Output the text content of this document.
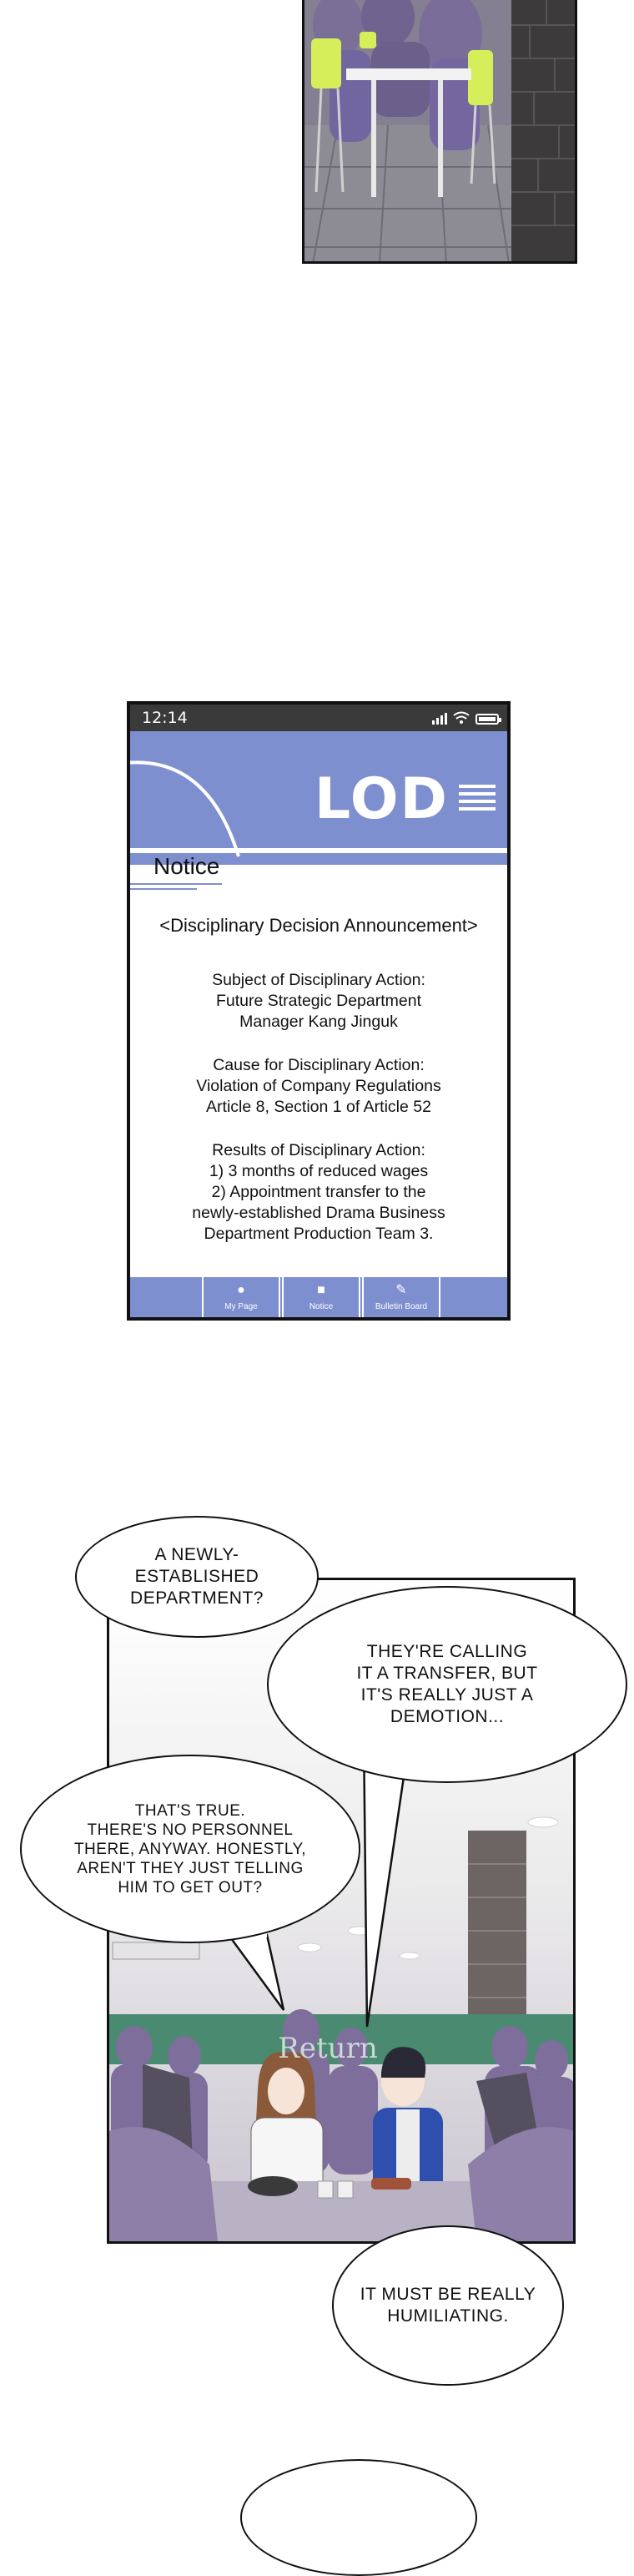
12:14
LOD
Notice
<Disciplinary Decision Announcement>
Subject of Disciplinary Action:
Future Strategic Department
Manager Kang Jinguk
Cause for Disciplinary Action:
Violation of Company Regulations
Article 8, Section 1 of Article 52
Results of Disciplinary Action:
1) 3 months of reduced wages
2) Appointment transfer to the
newly-established Drama Business
Department Production Team 3.
●
My Page
■
Notice
✎
Bulletin Board
Return
A NEWLY-
ESTABLISHED
DEPARTMENT?
THEY'RE CALLING
IT A TRANSFER, BUT
IT'S REALLY JUST A
DEMOTION...
THAT'S TRUE.
THERE'S NO PERSONNEL
THERE, ANYWAY. HONESTLY,
AREN'T THEY JUST TELLING
HIM TO GET OUT?
IT MUST BE REALLY
HUMILIATING.
